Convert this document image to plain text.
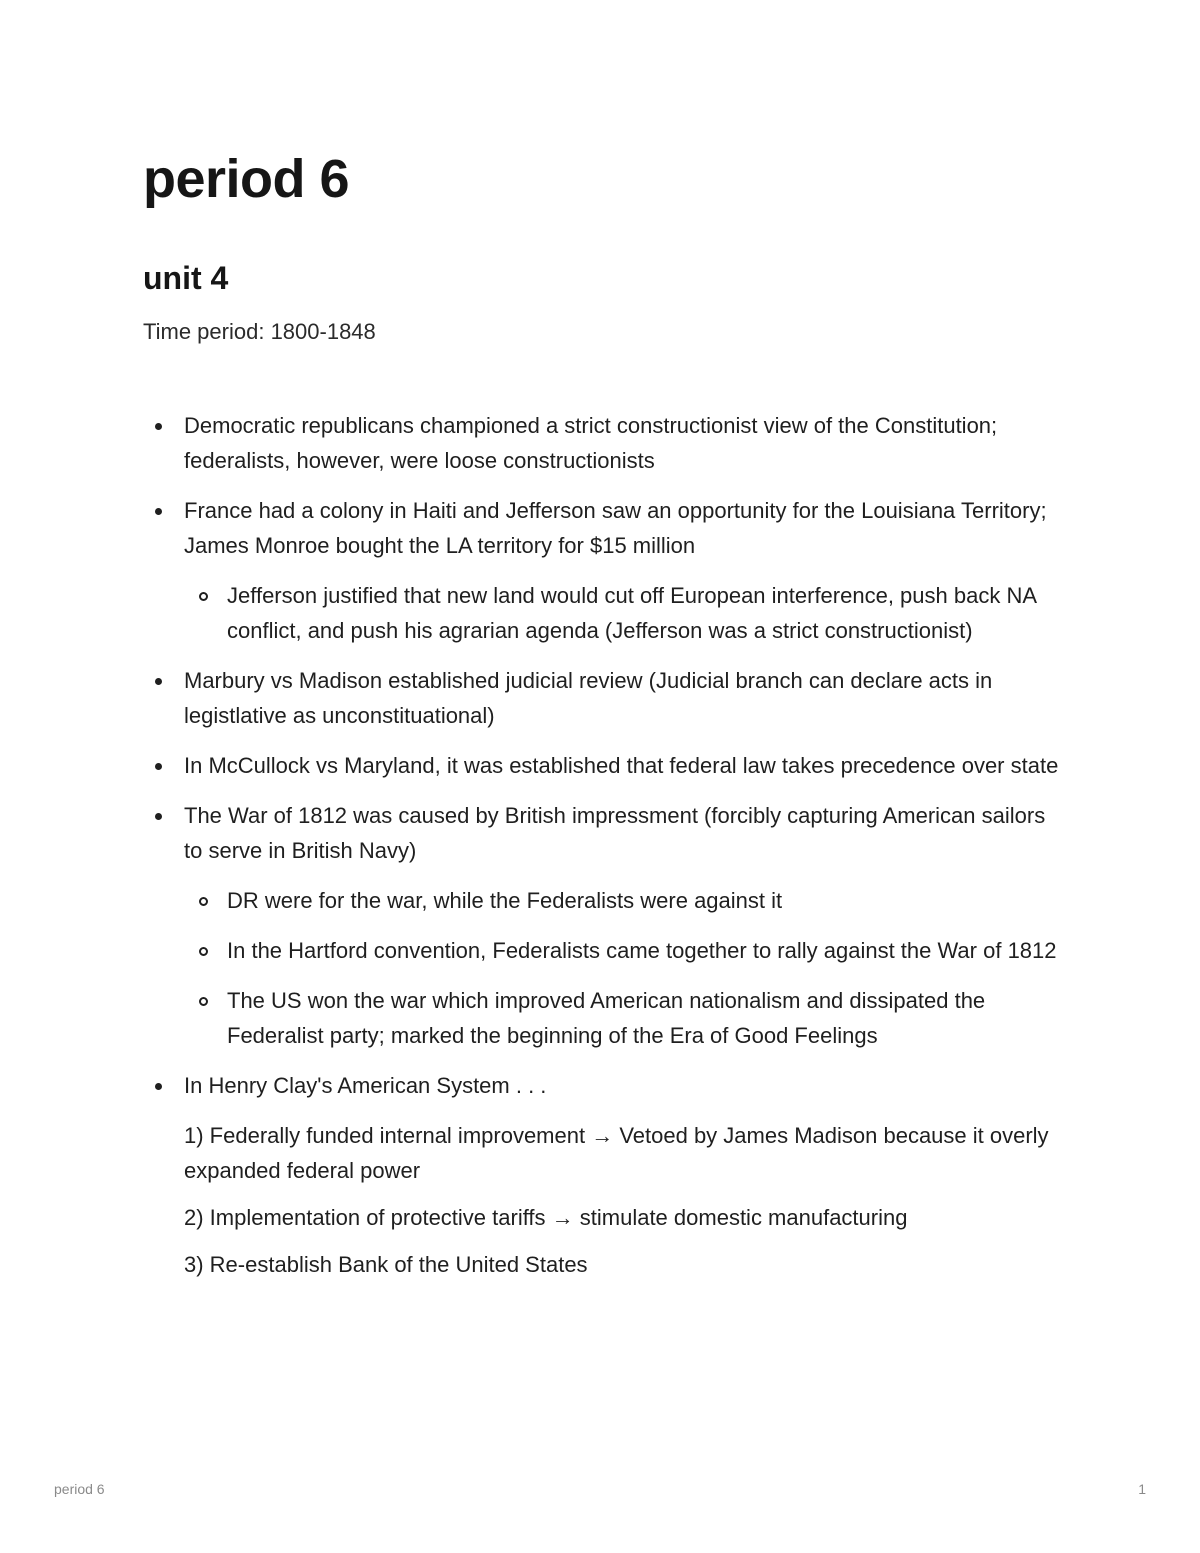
period 6
unit 4

Time period: 1800-1848

Democratic republicans championed a strict constructionist view of the Constitution; federalists, however, were loose constructionists
France had a colony in Haiti and Jefferson saw an opportunity for the Louisiana Territory; James Monroe bought the LA territory for $15 million
Jefferson justified that new land would cut off European interference, push back NA conflict, and push his agrarian agenda (Jefferson was a strict constructionist)
Marbury vs Madison established judicial review (Judicial branch can declare acts in legistlative as unconstituational)
In McCullock vs Maryland, it was established that federal law takes precedence over state
The War of 1812 was caused by British impressment (forcibly capturing American sailors to serve in British Navy)
DR were for the war, while the Federalists were against it
In the Hartford convention, Federalists came together to rally against the War of 1812
The US won the war which improved American nationalism and dissipated the Federalist party; marked the beginning of the Era of Good Feelings
In Henry Clay's American System . . .
1) Federally funded internal improvement → Vetoed by James Madison because it overly expanded federal power
2) Implementation of protective tariffs → stimulate domestic manufacturing
3) Re-establish Bank of the United States
period 6	1
